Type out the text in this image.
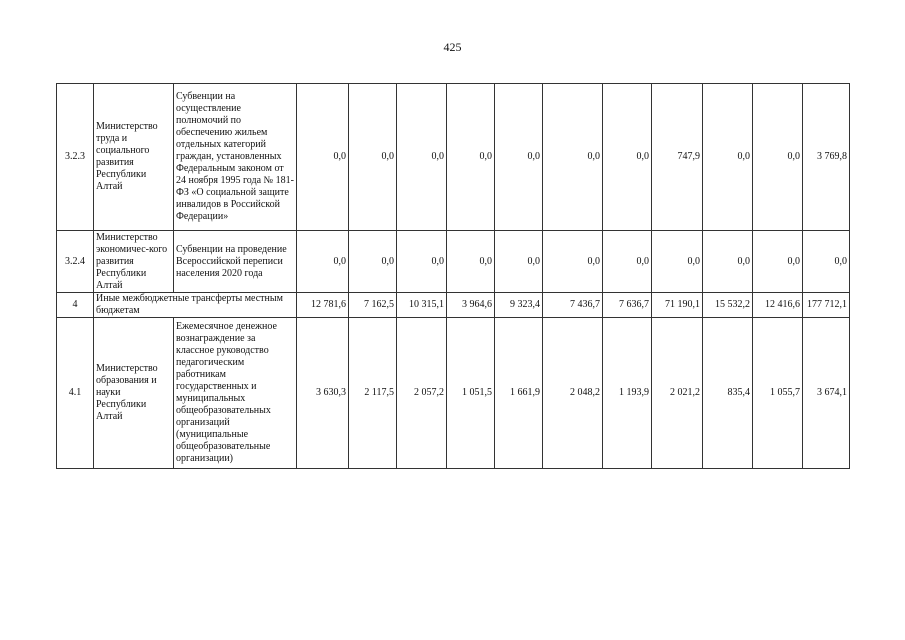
425
3.2.3	Министерство труда и социального развития Республики Алтай	Субвенции на осуществление полномочий по обеспечению жильем отдельных категорий граждан, установленных Федеральным законом от 24 ноября 1995 года № 181-ФЗ «О социальной защите инвалидов в Российской Федерации»	0,0	0,0	0,0	0,0	0,0	0,0	0,0	747,9	0,0	0,0	3 769,8
3.2.4	Министерство экономичес-кого развития Республики Алтай	Субвенции на проведение Всероссийской переписи населения 2020 года	0,0	0,0	0,0	0,0	0,0	0,0	0,0	0,0	0,0	0,0	0,0
4	Иные межбюджетные трансферты местным бюджетам		12 781,6	7 162,5	10 315,1	3 964,6	9 323,4	7 436,7	7 636,7	71 190,1	15 532,2	12 416,6	177 712,1
4.1	Министерство образования и науки Республики Алтай	Ежемесячное денежное вознаграждение за классное руководство педагогическим работникам государственных и муниципальных общеобразовательных организаций (муниципальные общеобразовательные организации)	3 630,3	2 117,5	2 057,2	1 051,5	1 661,9	2 048,2	1 193,9	2 021,2	835,4	1 055,7	3 674,1
